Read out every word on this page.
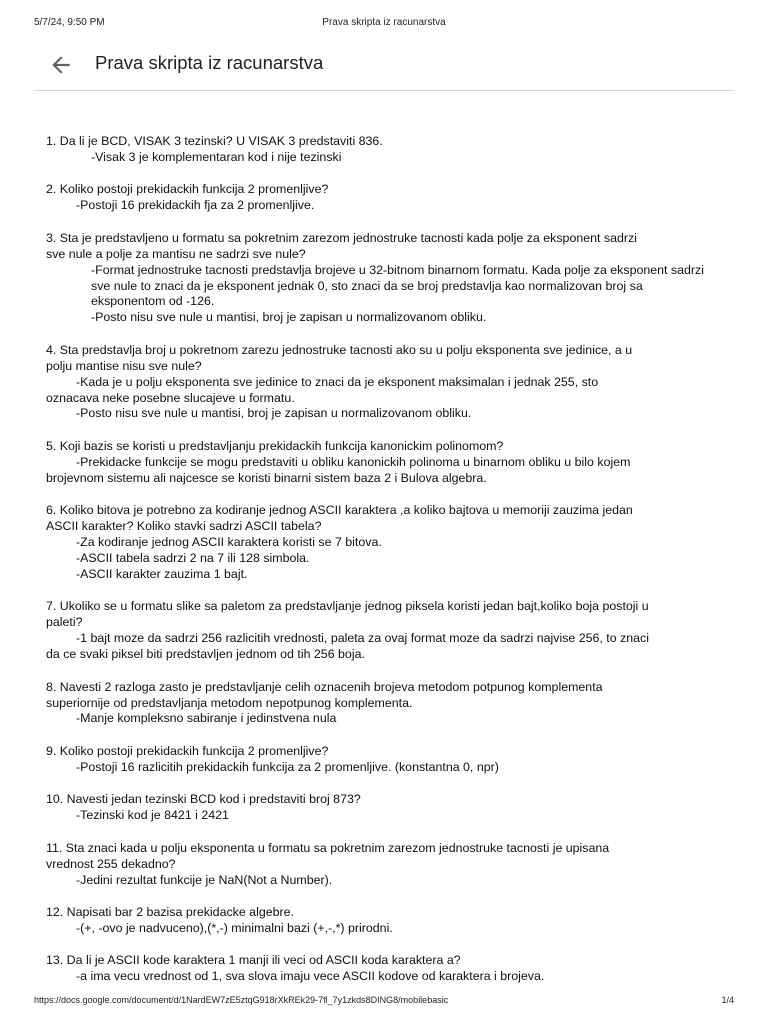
5/7/24, 9:50 PM	Prava skripta iz racunarstva
Prava skripta iz racunarstva
1. Da li je BCD, VISAK 3 tezinski? U VISAK 3 predstaviti 836.
-Visak 3 je komplementaran kod i nije tezinski
2. Koliko postoji prekidackih funkcija 2 promenljive?
-Postoji 16 prekidackih fja za 2 promenljive.
3. Sta je predstavljeno u formatu sa pokretnim zarezom jednostruke tacnosti kada polje za eksponent sadrzi
sve nule a polje za mantisu ne sadrzi sve nule?
-Format jednostruke tacnosti predstavlja brojeve u 32-bitnom binarnom formatu. Kada polje za eksponent sadrzi sve nule to znaci da je eksponent jednak 0, sto znaci da se broj predstavlja kao normalizovan broj sa eksponentom od -126.
-Posto nisu sve nule u mantisi, broj je zapisan u normalizovanom obliku.
4. Sta predstavlja broj u pokretnom zarezu jednostruke tacnosti ako su u polju eksponenta sve jedinice, a u
polju mantise nisu sve nule?
-Kada je u polju eksponenta sve jedinice to znaci da je eksponent maksimalan i jednak 255, sto
oznacava neke posebne slucajeve u formatu.
-Posto nisu sve nule u mantisi, broj je zapisan u normalizovanom obliku.
5. Koji bazis se koristi u predstavljanju prekidackih funkcija kanonickim polinomom?
-Prekidacke funkcije se mogu predstaviti u obliku kanonickih polinoma u binarnom obliku u bilo kojem
brojevnom sistemu ali najcesce se koristi binarni sistem baza 2 i Bulova algebra.
6. Koliko bitova je potrebno za kodiranje jednog ASCII karaktera ,a koliko bajtova u memoriji zauzima jedan
ASCII karakter? Koliko stavki sadrzi ASCII tabela?
-Za kodiranje jednog ASCII karaktera koristi se 7 bitova.
-ASCII tabela sadrzi 2 na 7 ili 128 simbola.
-ASCII karakter zauzima 1 bajt.
7. Ukoliko se u formatu slike sa paletom za predstavljanje jednog piksela koristi jedan bajt,koliko boja postoji u
paleti?
-1 bajt moze da sadrzi 256 razlicitih vrednosti, paleta za ovaj format moze da sadrzi najvise 256, to znaci
da ce svaki piksel biti predstavljen jednom od tih 256 boja.
8. Navesti 2 razloga zasto je predstavljanje celih oznacenih brojeva metodom potpunog komplementa
superiornije od predstavljanja metodom nepotpunog komplementa.
-Manje kompleksno sabiranje i jedinstvena nula
9. Koliko postoji prekidackih funkcija 2 promenljive?
-Postoji 16 razlicitih prekidackih funkcija za 2 promenljive. (konstantna 0, npr)
10. Navesti jedan tezinski BCD kod i predstaviti broj 873?
-Tezinski kod je 8421 i 2421
11. Sta znaci kada u polju eksponenta u formatu sa pokretnim zarezom jednostruke tacnosti je upisana
vrednost 255 dekadno?
-Jedini rezultat funkcije je NaN(Not a Number).
12. Napisati bar 2 bazisa prekidacke algebre.
-(+, -ovo je nadvuceno),(*,-) minimalni bazi (+,-,*) prirodni.
13. Da li je ASCII kode karaktera 1 manji ili veci od ASCII koda karaktera a?
-a ima vecu vrednost od 1, sva slova imaju vece ASCII kodove od karaktera i brojeva.
https://docs.google.com/document/d/1NardEW7zE5ztqG918rXkREk29-7fl_7y1zkds8DING8/mobilebasic	1/4
